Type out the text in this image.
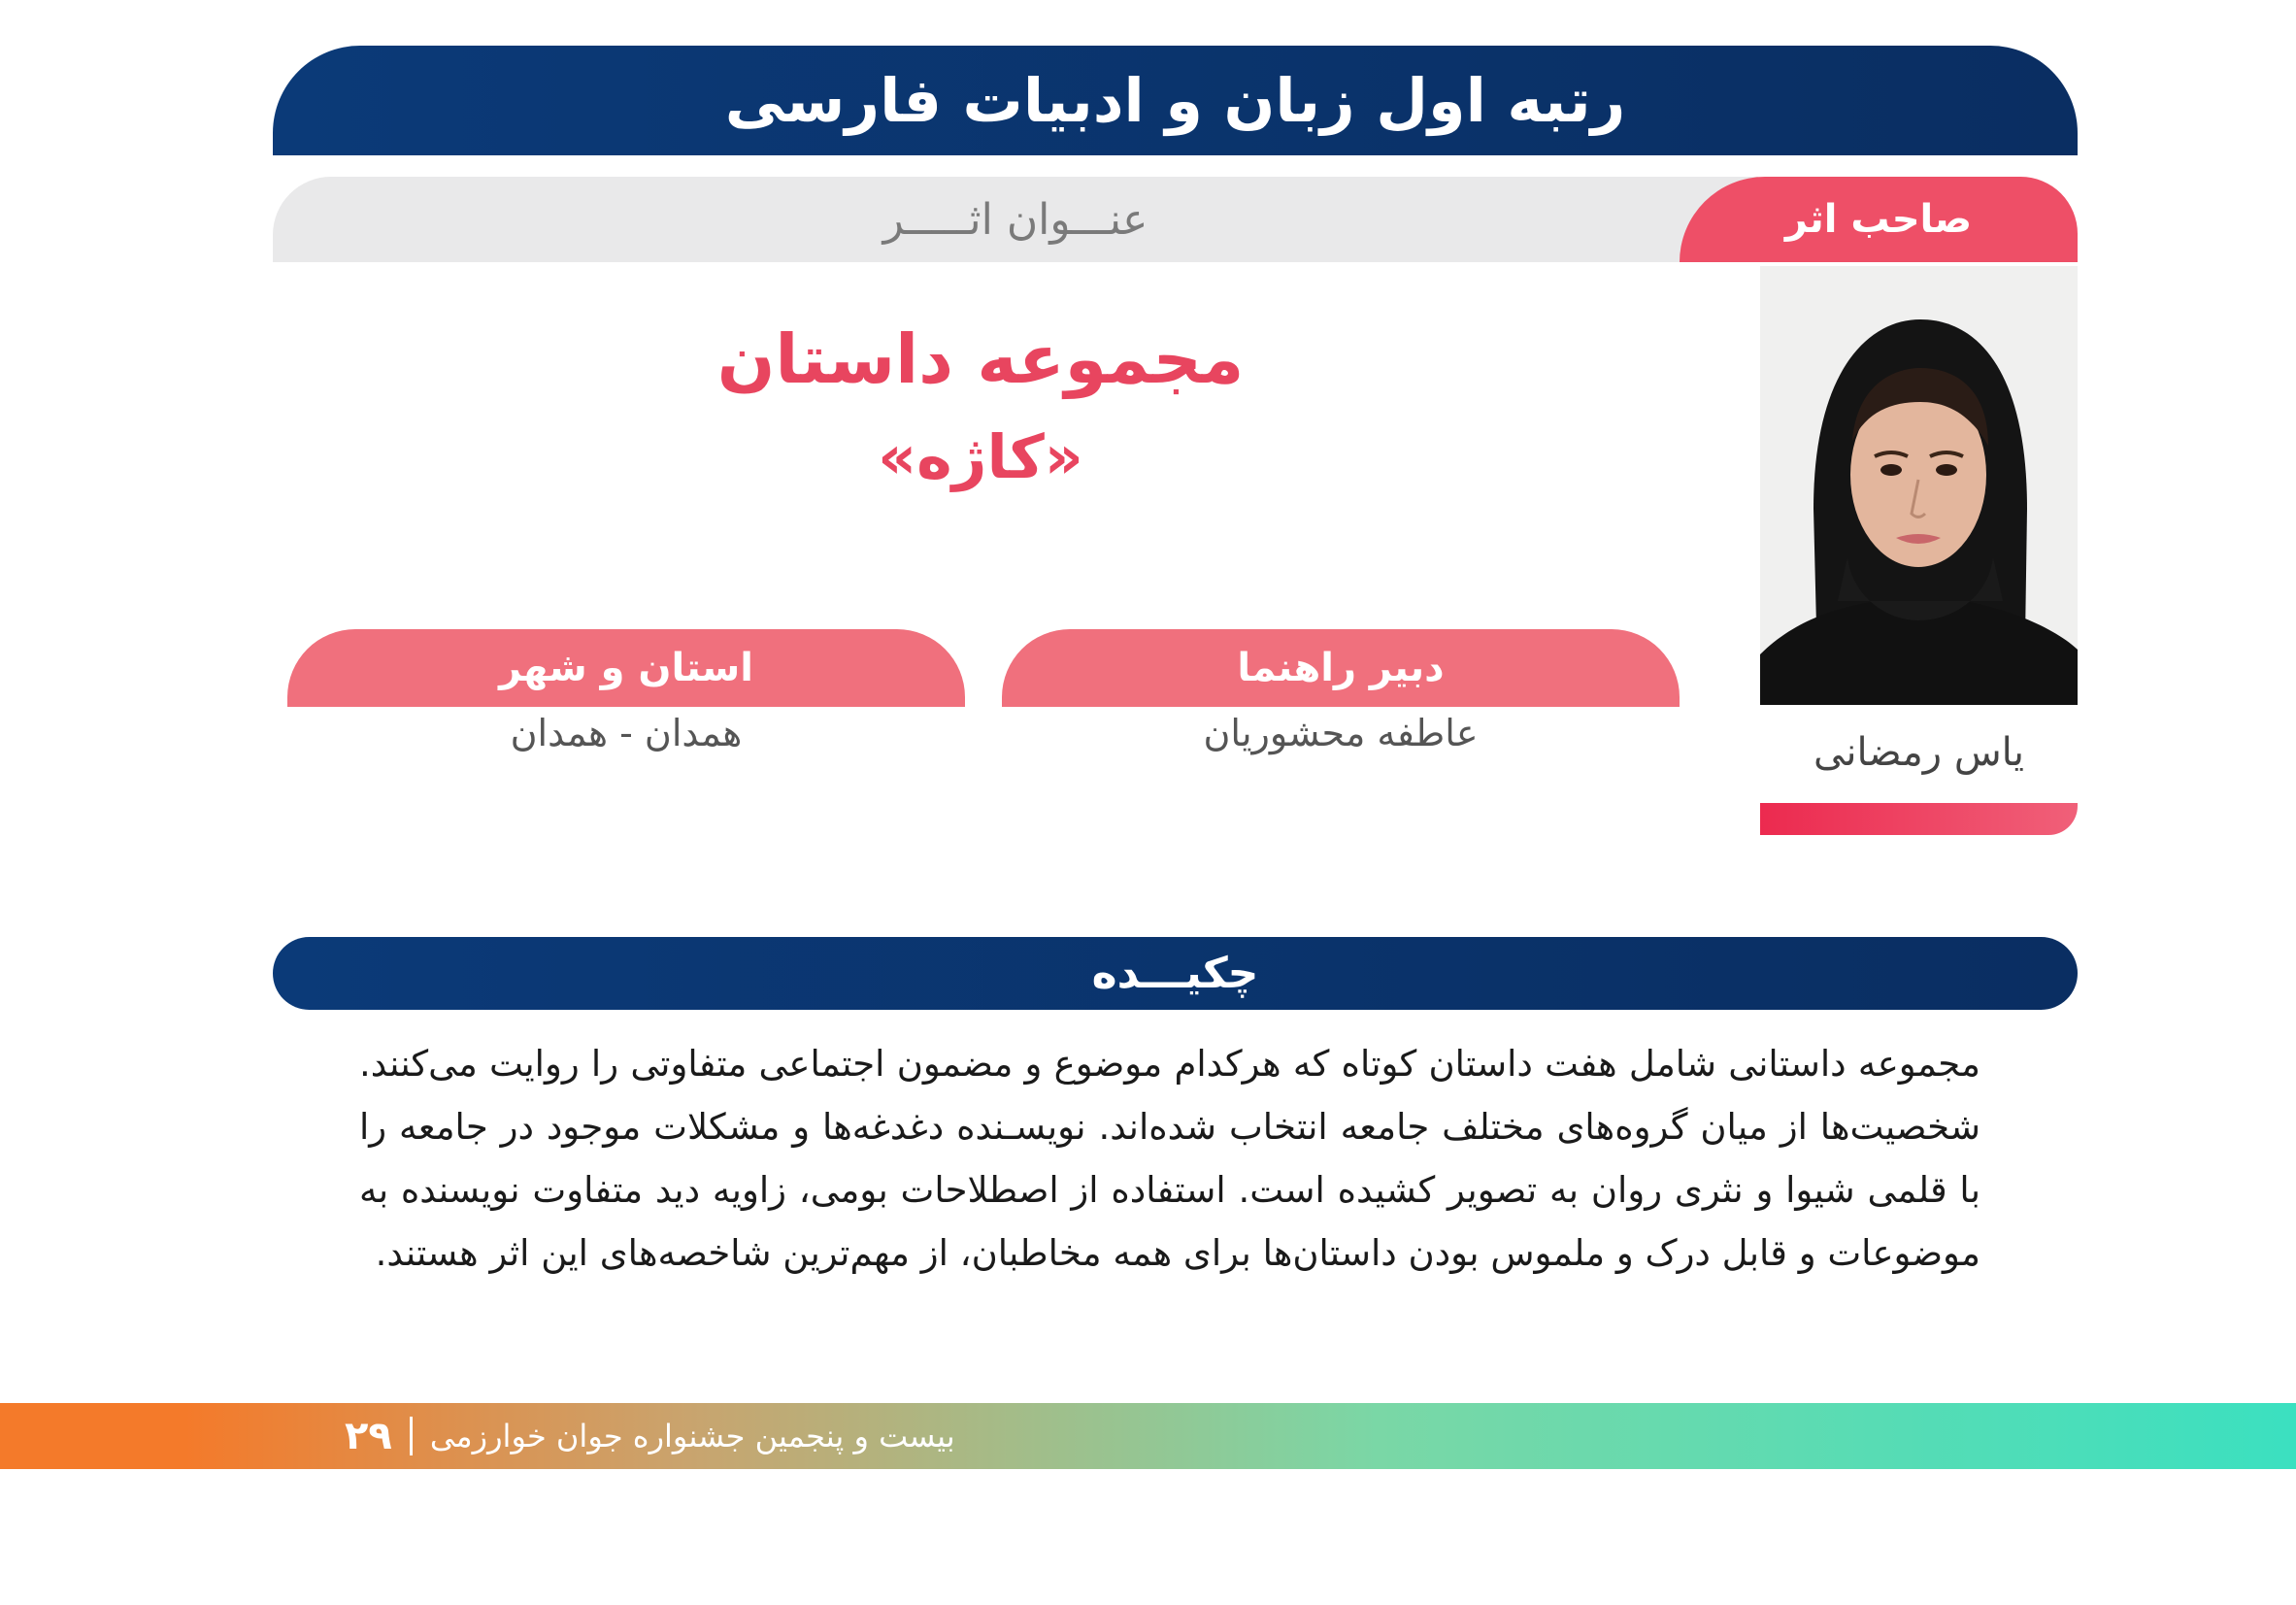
رتبه اول زبان و ادبیات فارسی
عنـــوان اثـــــر	صاحب اثر
مجموعه داستان
«کاژه»
یاس رمضانی
دبیر راهنما
عاطفه محشوریان
استان و شهر
همدان - همدان
چکیـــده
مجموعه داستانی شامل هفت داستان کوتاه که هرکدام موضوع و مضمون اجتماعی متفاوتی را روایت می‌کنند. شخصیت‌ها از میان گروه‌های مختلف جامعه انتخاب شده‌اند. نویسـنده دغدغه‌ها و مشکلات موجود در جامعه را با قلمی شیوا و نثری روان به تصویر کشیده است. استفاده از اصطلاحات بومی، زاویه دید متفاوت نویسنده به موضوعات و قابل درک و ملموس بودن داستان‌ها برای همه مخاطبان، از مهم‌ترین شاخصه‌های این اثر هستند.
بیست و پنجمین جشنواره جوان خوارزمی
۲۹
